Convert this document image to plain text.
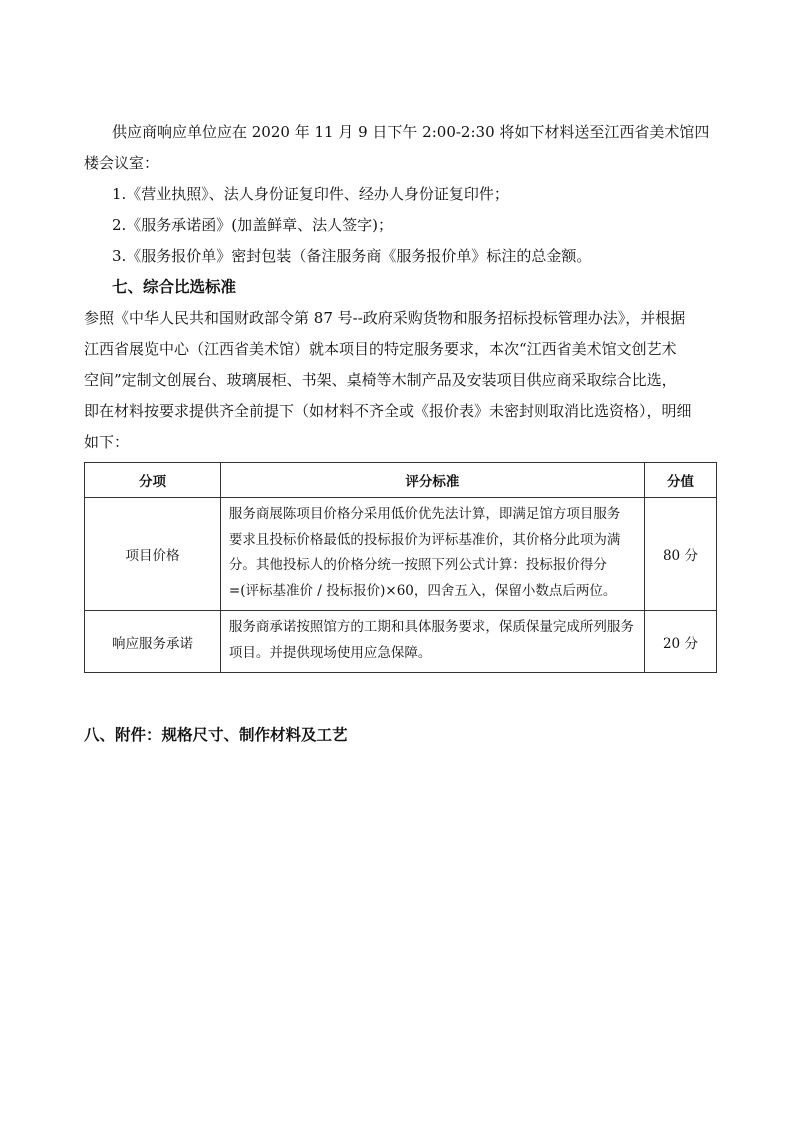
供应商响应单位应在 2020 年 11 月 9 日下午 2:00-2:30 将如下材料送至江西省美术馆四
楼会议室：
1.《营业执照》、法人身份证复印件、经办人身份证复印件；
2.《服务承诺函》(加盖鲜章、法人签字)；
3.《服务报价单》密封包装（备注服务商《服务报价单》标注的总金额。
七、综合比选标准
参照《中华人民共和国财政部令第 87 号--政府采购货物和服务招标投标管理办法》，并根据
江西省展览中心（江西省美术馆）就本项目的特定服务要求，本次“江西省美术馆文创艺术
空间”定制文创展台、玻璃展柜、书架、桌椅等木制产品及安装项目供应商采取综合比选，
即在材料按要求提供齐全前提下（如材料不齐全或《报价表》未密封则取消比选资格），明细
如下：
分项	评分标准	分值
项目价格	服务商展陈项目价格分采用低价优先法计算，即满足馆方项目服务
要求且投标价格最低的投标报价为评标基准价，其价格分此项为满
分。其他投标人的价格分统一按照下列公式计算：投标报价得分
=(评标基准价 / 投标报价)×60，四舍五入，保留小数点后两位。	80 分
响应服务承诺	服务商承诺按照馆方的工期和具体服务要求，保质保量完成所列服务
项目。并提供现场使用应急保障。	20 分
八、附件：规格尺寸、制作材料及工艺
